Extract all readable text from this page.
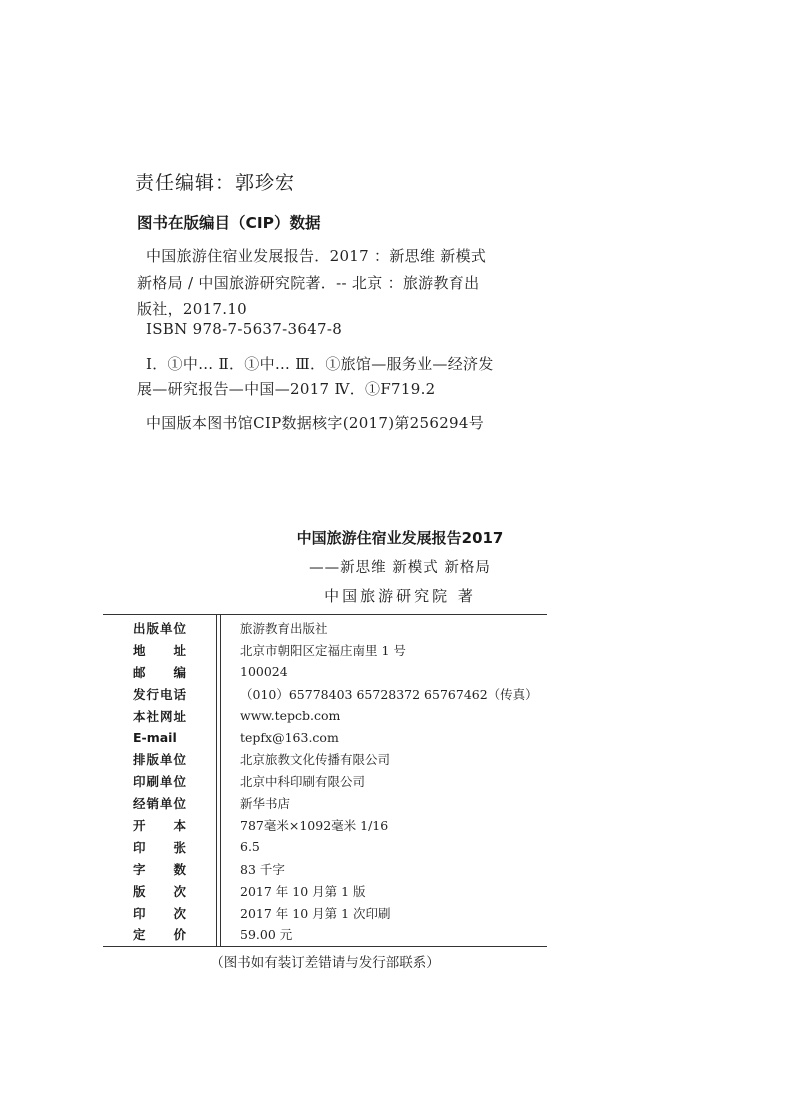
责任编辑：郭珍宏
图书在版编目（CIP）数据
中国旅游住宿业发展报告．2017 ：新思维 新模式
新格局 / 中国旅游研究院著．-- 北京 ：旅游教育出
版社，2017.10
ISBN 978-7-5637-3647-8
Ⅰ．①中… Ⅱ．①中… Ⅲ．①旅馆—服务业—经济发
展—研究报告—中国—2017 Ⅳ．①F719.2
中国版本图书馆CIP数据核字(2017)第256294号
中国旅游住宿业发展报告2017
——新思维 新模式 新格局
中国旅游研究院 著
出版单位		旅游教育出版社
地址		北京市朝阳区定福庄南里 1 号
邮编		100024
发行电话		（010）65778403 65728372 65767462（传真）
本社网址		www.tepcb.com
E-mail		tepfx@163.com
排版单位		北京旅教文化传播有限公司
印刷单位		北京中科印刷有限公司
经销单位		新华书店
开本		787毫米×1092毫米 1/16
印张		6.5
字数		83 千字
版次		2017 年 10 月第 1 版
印次		2017 年 10 月第 1 次印刷
定价		59.00 元
（图书如有装订差错请与发行部联系）
